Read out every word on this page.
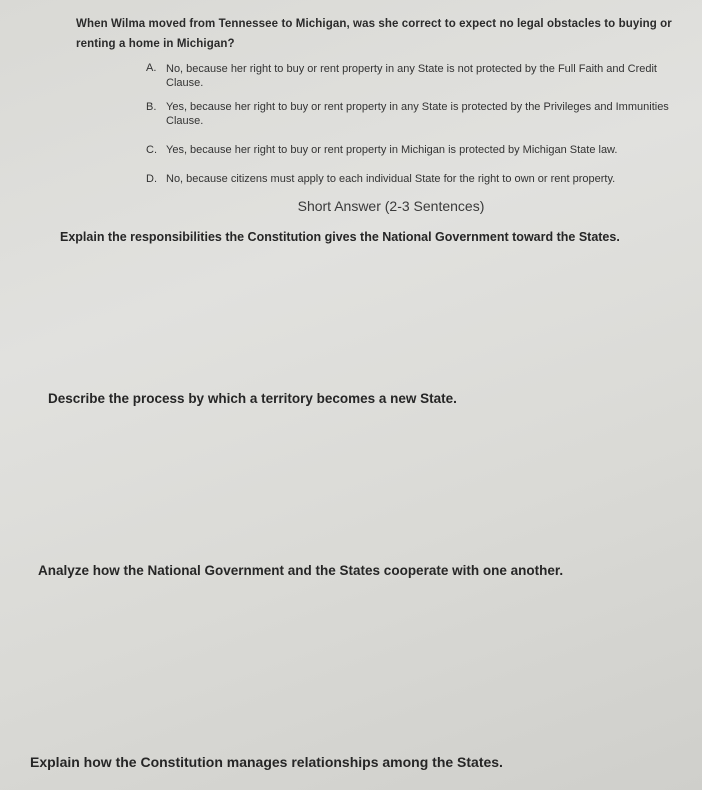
When Wilma moved from Tennessee to Michigan, was she correct to expect no legal obstacles to buying or renting a home in Michigan?
A. No, because her right to buy or rent property in any State is not protected by the Full Faith and Credit Clause.
B. Yes, because her right to buy or rent property in any State is protected by the Privileges and Immunities Clause.
C. Yes, because her right to buy or rent property in Michigan is protected by Michigan State law.
D. No, because citizens must apply to each individual State for the right to own or rent property.
Short Answer (2-3 Sentences)
Explain the responsibilities the Constitution gives the National Government toward the States.
Describe the process by which a territory becomes a new State.
Analyze how the National Government and the States cooperate with one another.
Explain how the Constitution manages relationships among the States.
